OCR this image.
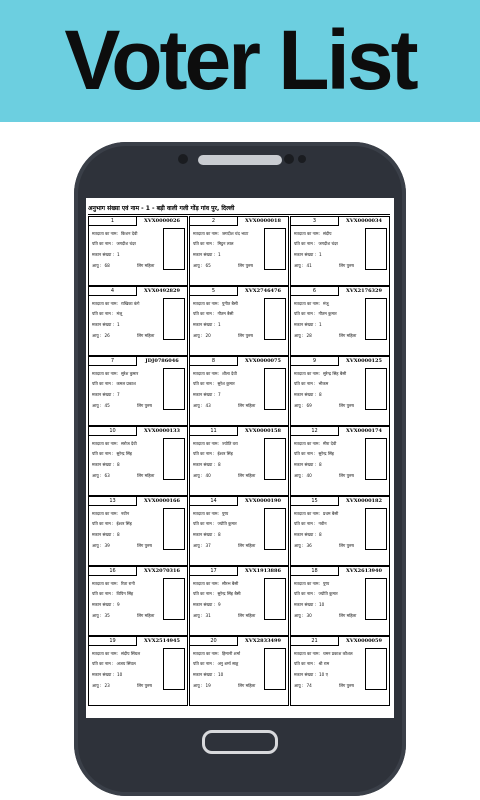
Voter List
अनुभाग संख्या एवं नाम - 1 - बड़ी वाली गली गोंड़ गांव पुर, दिल्ली
1	XVX0000026
मतदाता का नाम: किशन देवी
पति का नाम : जगदीश चंदर
मकान संख्या : 1
आयु : 68	लिंग महिला
2	XVX0000018
मतदाता का नाम: जगदीश चंद भाटा
पति का नाम : मिट्ठन लाल
मकान संख्या : 1
आयु : 65	लिंग पुरुष
3	XVX0000034
मतदाता का नाम: संदीप
पति का नाम : जगदीश चंदर
मकान संख्या : 1
आयु : 41	लिंग पुरुष
4	XVX0492829
मतदाता का नाम: राखिका कंगे
पति का नाम : मंजू
मकान संख्या : 1
आयु : 26	लिंग महिला
5	XVX2746476
मतदाता का नाम: पुनीत बैसी
पति का नाम : गौतम बैसी
मकान संख्या : 1
आयु : 20	लिंग पुरुष
6	XVX2176329
मतदाता का नाम: मंजू
पति का नाम : गौतम कुमार
मकान संख्या : 1
आयु : 28	लिंग महिला
7	JDJ0786046
मतदाता का नाम: सुरेश कुमार
पति का नाम : कमल प्रकाश
मकान संख्या : 7
आयु : 45	लिंग पुरुष
8	XVX0000075
मतदाता का नाम: शीला देवी
पति का नाम : सुरेश कुमार
मकान संख्या : 7
आयु : 43	लिंग महिला
9	XVX0000125
मतदाता का नाम: सुरेन्द्र सिंह बैसी
पति का नाम : भीकम
मकान संख्या : 8
आयु : 69	लिंग पुरुष
10	XVX0000133
मतदाता का नाम: सरोज देवी
पति का नाम : सुरेन्द्र सिंह
मकान संख्या : 8
आयु : 63	लिंग महिला
11	XVX0000158
मतदाता का नाम: ज्योति वरा
पति का नाम : ईश्वर सिंह
मकान संख्या : 8
आयु : 40	लिंग महिला
12	XVX0000174
मतदाता का नाम: मीरा देवी
पति का नाम : सुरेन्द्र सिंह
मकान संख्या : 8
आयु : 40	लिंग पुरुष
13	XVX0000166
मतदाता का नाम: नवीन
पति का नाम : ईश्वर सिंह
मकान संख्या : 8
आयु : 39	लिंग पुरुष
14	XVX0000190
मतदाता का नाम: पुष्प
पति का नाम : ज्योति कुमार
मकान संख्या : 8
आयु : 37	लिंग महिला
15	XVX0000182
मतदाता का नाम: प्रथम बैसी
पति का नाम : नवीन
मकान संख्या : 8
आयु : 36	लिंग पुरुष
16	XVX2070316
मतदाता का नाम: रिता रानी
पति का नाम : विपिन सिंह
मकान संख्या : 9
आयु : 35	लिंग महिला
17	XVX1913886
मतदाता का नाम: सौरभ बैसी
पति का नाम : सुरेन्द्र सिंह बैसी
मकान संख्या : 9
आयु : 31	लिंग महिला
18	XVX2613940
मतदाता का नाम: पुष्प
पति का नाम : ज्योति कुमार
मकान संख्या : 10
आयु : 30	लिंग महिला
19	XVX2514945
मतदाता का नाम: संदीप सिंघल
पति का नाम : अजय सिंघल
मकान संख्या : 10
आयु : 23	लिंग पुरुष
20	XVX2833499
मतदाता का नाम: हिमानी शर्मा
पति का नाम : अनु शर्मा साहू
मकान संख्या : 10
आयु : 19	लिंग महिला
21	XVX0000059
मतदाता का नाम: चमन प्रकाश कौशल
पति का नाम : श्री राम
मकान संख्या : 10 ए
आयु : 74	लिंग पुरुष
